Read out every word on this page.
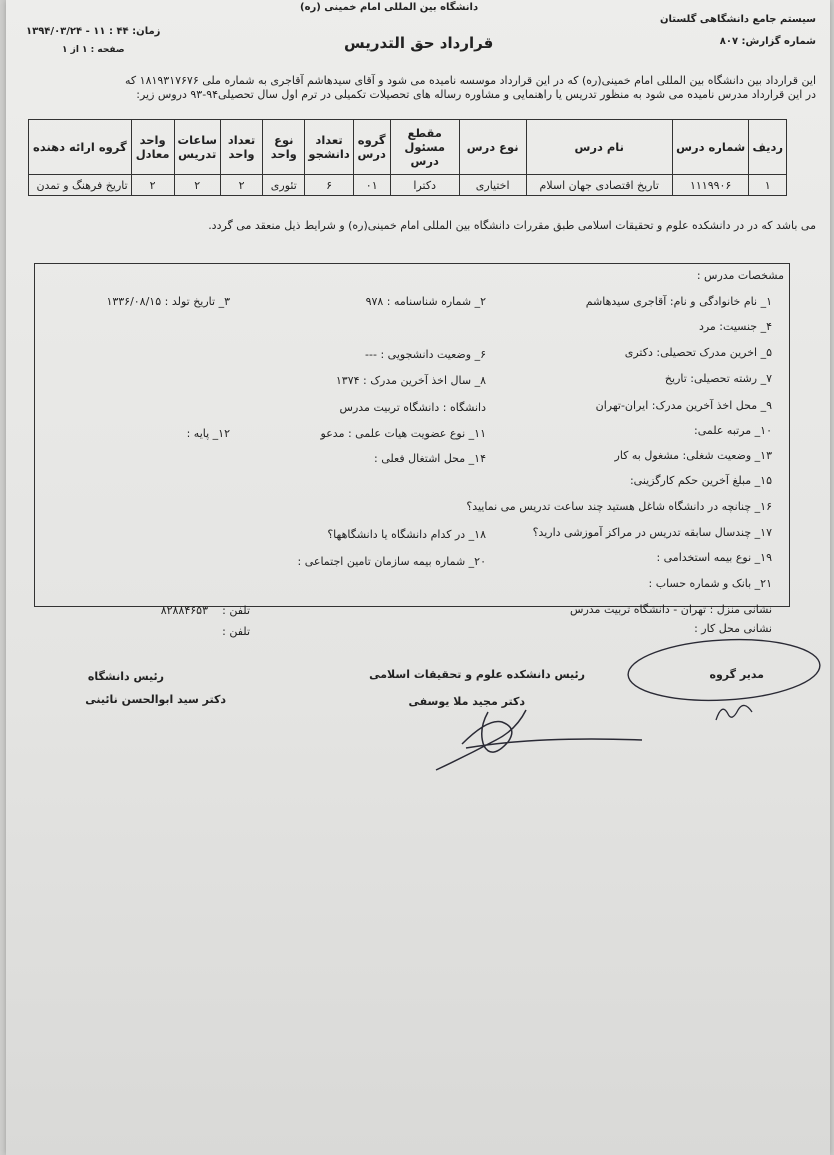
دانشگاه بین المللی امام خمینی (ره)
سیستم جامع دانشگاهی گلستان
شماره گزارش: ۸۰۷
زمان: ۴۴ : ۱۱ - ۱۳۹۴/۰۳/۲۴
صفحه : ۱ از ۱	قرارداد حق التدریس
این قرارداد بین دانشگاه بین المللی امام خمینی(ره) که در این قرارداد موسسه نامیده می شود و آقای سیدهاشم آقاجری به شماره ملی ۱۸۱۹۳۱۷۶۷۶ که
در این قرارداد مدرس نامیده می شود به منظور تدریس یا راهنمایی و مشاوره رساله های تحصیلات تکمیلی در ترم اول سال تحصیلی۹۴-۹۳ دروس زیر:
ردیف	شماره درس	نام درس	نوع درس	مقطع مسئول درس	گروه درس	تعداد دانشجو	نوع واحد	تعداد واحد	ساعات تدریس	واحد معادل	گروه ارائه دهنده
۱	۱۱۱۹۹۰۶	تاریخ اقتصادی جهان اسلام	اختیاری	دکترا	۰۱	۶	تئوری	۲	۲	۲	تاریخ فرهنگ و تمدن
می باشد که در در دانشکده علوم و تحقیقات اسلامی طبق مقررات دانشگاه بین المللی امام خمینی(ره) و شرایط ذیل منعقد می گردد.
مشخصات مدرس :
۱_ نام خانوادگی و نام: آقاجری سیدهاشم
۲_ شماره شناسنامه : ۹۷۸
۳_ تاریخ تولد : ۱۳۳۶/۰۸/۱۵
۴_ جنسیت: مرد
۵_ اخرین مدرک تحصیلی: دکتری
۶_ وضعیت دانشجویی : ---
۷_ رشته تحصیلی: تاریخ
۸_ سال اخذ آخرین مدرک : ۱۳۷۴
۹_ محل اخذ آخرین مدرک: ایران-تهران
دانشگاه : دانشگاه تربیت مدرس
۱۰_ مرتبه علمی:
۱۱_ نوع عضویت هیات علمی : مدعو
۱۲_ پایه :
۱۳_ وضعیت شغلی: مشغول به کار
۱۴_ محل اشتغال فعلی :
۱۵_ مبلغ آخرین حکم کارگزینی:
۱۶_ چنانچه در دانشگاه شاغل هستید چند ساعت تدریس می نمایید؟
۱۷_ چندسال سابقه تدریس در مراکز آموزشی دارید؟
۱۸_ در کدام دانشگاه یا دانشگاهها؟
۱۹_ نوع بیمه استخدامی :
۲۰_ شماره بیمه سازمان تامین اجتماعی :
۲۱_ بانک و شماره حساب :
نشانی منزل : تهران - دانشگاه تربیت مدرس
تلفن :
۸۲۸۸۴۶۵۳
نشانی محل کار :
تلفن :
مدیر گروه
رئیس دانشکده علوم و تحقیقات اسلامی
دکتر مجید ملا یوسفی
رئیس دانشگاه
دکتر سید ابوالحسن نائینی
